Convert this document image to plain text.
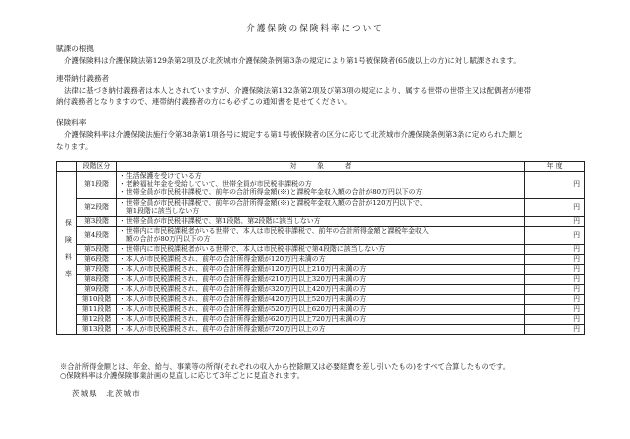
介護保険の保険料率について
賦課の根拠
介護保険料は介護保険法第129条第2項及び北茨城市介護保険条例第3条の規定により第1号被保険者(65歳以上の方)に対し賦課されます。
連帯納付義務者
法律に基づき納付義務者は本人とされていますが、介護保険法第132条第2項及び第3項の規定により、属する世帯の世帯主又は配偶者が連帯
納付義務者となりますので、連帯納付義務者の方にも必ずこの通知書を見せてください。
保険料率
介護保険料率は介護保険法施行令第38条第1項各号に規定する第1号被保険者の区分に応じて北茨城市介護保険条例第3条に定められた額と
なります。
	段階区分	対　　　象　　　者	年 度
保険料率	第1段階	・生活保護を受けている方
・老齢福祉年金を受給していて、世帯全員が市民税非課税の方
・世帯全員が市民税非課税で、前年の合計所得金額(※)と課税年金収入額の合計が80万円以下の方	円
	第2段階	・世帯全員が市民税非課税で、前年の合計所得金額(※)と課税年金収入額の合計が120万円以下で、
　第1段階に該当しない方	円
	第3段階	・世帯全員が市民税非課税で、第1段階、第2段階に該当しない方	円
	第4段階	・世帯内に市民税課税者がいる世帯で、本人は市民税非課税で、前年の合計所得金額と課税年金収入
　額の合計が80万円以下の方	円
	第5段階	・世帯内に市民税課税者がいる世帯で、本人は市民税非課税で第4段階に該当しない方	円
	第6段階	・本人が市民税課税され、前年の合計所得金額が120万円未満の方	円
	第7段階	・本人が市民税課税され、前年の合計所得金額が120万円以上210万円未満の方	円
	第8段階	・本人が市民税課税され、前年の合計所得金額が210万円以上320万円未満の方	円
	第9段階	・本人が市民税課税され、前年の合計所得金額が320万円以上420万円未満の方	円
	第10段階	・本人が市民税課税され、前年の合計所得金額が420万円以上520万円未満の方	円
	第11段階	・本人が市民税課税され、前年の合計所得金額が520万円以上620万円未満の方	円
	第12段階	・本人が市民税課税され、前年の合計所得金額が620万円以上720万円未満の方	円
	第13段階	・本人が市民税課税され、前年の合計所得金額が720万円以上の方	円
※合計所得金額とは、年金、給与、事業等の所得(それぞれの収入から控除額又は必要経費を差し引いたもの)をすべて合算したものです。
○保険料率は介護保険事業計画の見直しに応じて3年ごとに見直されます。
茨城県　北茨城市
